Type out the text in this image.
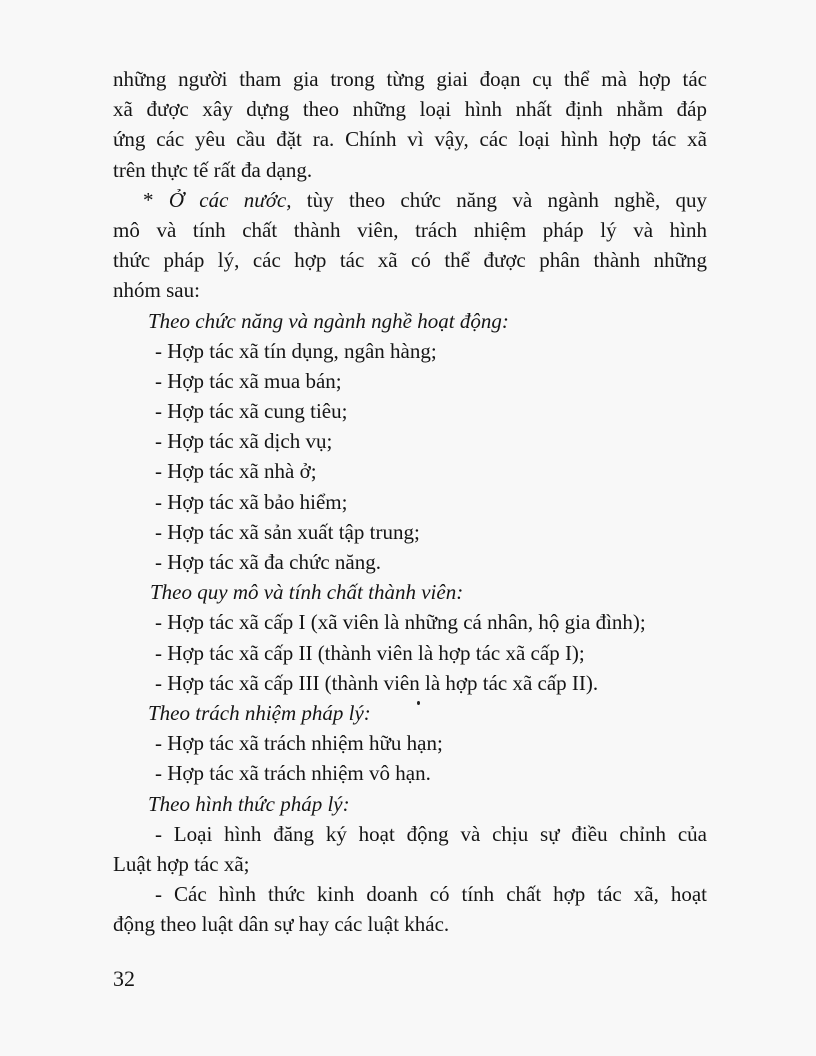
những người tham gia trong từng giai đoạn cụ thể mà hợp tác
xã được xây dựng theo những loại hình nhất định nhằm đáp
ứng các yêu cầu đặt ra. Chính vì vậy, các loại hình hợp tác xã
trên thực tế rất đa dạng.
* Ở các nước, tùy theo chức năng và ngành nghề, quy
mô và tính chất thành viên, trách nhiệm pháp lý và hình
thức pháp lý, các hợp tác xã có thể được phân thành những
nhóm sau:
Theo chức năng và ngành nghề hoạt động:
- Hợp tác xã tín dụng, ngân hàng;
- Hợp tác xã mua bán;
- Hợp tác xã cung tiêu;
- Hợp tác xã dịch vụ;
- Hợp tác xã nhà ở;
- Hợp tác xã bảo hiểm;
- Hợp tác xã sản xuất tập trung;
- Hợp tác xã đa chức năng.
Theo quy mô và tính chất thành viên:
- Hợp tác xã cấp I (xã viên là những cá nhân, hộ gia đình);
- Hợp tác xã cấp II (thành viên là hợp tác xã cấp I);
- Hợp tác xã cấp III (thành viên là hợp tác xã cấp II).
Theo trách nhiệm pháp lý:
- Hợp tác xã trách nhiệm hữu hạn;
- Hợp tác xã trách nhiệm vô hạn.
Theo hình thức pháp lý:
- Loại hình đăng ký hoạt động và chịu sự điều chỉnh của
Luật hợp tác xã;
- Các hình thức kinh doanh có tính chất hợp tác xã, hoạt
động theo luật dân sự hay các luật khác.
32
